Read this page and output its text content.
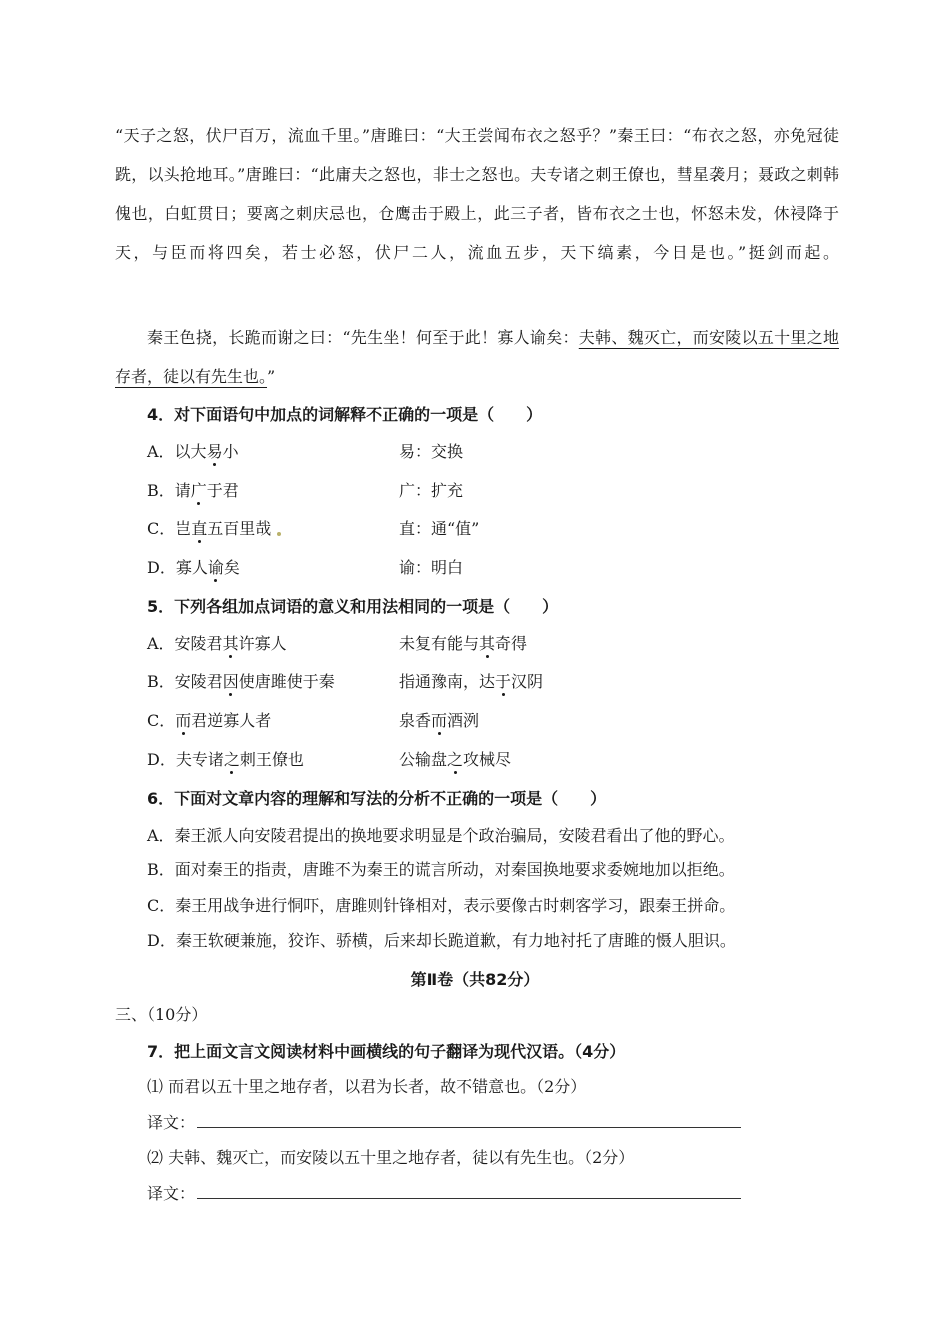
“天子之怒，伏尸百万，流血千里。”唐雎曰：“大王尝闻布衣之怒乎？”秦王曰：“布衣之怒，亦免冠徒跣，以头抢地耳。”唐雎曰：“此庸夫之怒也，非士之怒也。夫专诸之刺王僚也，彗星袭月；聂政之刺韩傀也，白虹贯日；要离之刺庆忌也，仓鹰击于殿上，此三子者，皆布衣之士也，怀怒未发，休祲降于天，与臣而将四矣，若士必怒，伏尸二人，流血五步，天下缟素，今日是也。”挺剑而起。
秦王色挠，长跪而谢之曰：“先生坐！何至于此！寡人谕矣：夫韩、魏灭亡，而安陵以五十里之地存者，徒以有先生也。”
4．对下面语句中加点的词解释不正确的一项是（　　）
A．以大易小	易：交换
B．请广于君	广：扩充
C．岂直五百里哉	直：通“值”
D．寡人谕矣	谕：明白
5．下列各组加点词语的意义和用法相同的一项是（　　）
A．安陵君其许寡人	未复有能与其奇得
B．安陵君因使唐雎使于秦	指通豫南，达于汉阴
C．而君逆寡人者	泉香而酒洌
D．夫专诸之刺王僚也	公输盘之攻械尽
6．下面对文章内容的理解和写法的分析不正确的一项是（　　）
A．秦王派人向安陵君提出的换地要求明显是个政治骗局，安陵君看出了他的野心。
B．面对秦王的指责，唐雎不为秦王的谎言所动，对秦国换地要求委婉地加以拒绝。
C．秦王用战争进行恫吓，唐雎则针锋相对，表示要像古时刺客学习，跟秦王拼命。
D．秦王软硬兼施，狡诈、骄横，后来却长跪道歉，有力地衬托了唐雎的慑人胆识。
第Ⅱ卷（共82分）
三、（10分）
7．把上面文言文阅读材料中画横线的句子翻译为现代汉语。（4分）
⑴ 而君以五十里之地存者，以君为长者，故不错意也。（2分）
译文：
⑵ 夫韩、魏灭亡，而安陵以五十里之地存者，徒以有先生也。（2分）
译文：
